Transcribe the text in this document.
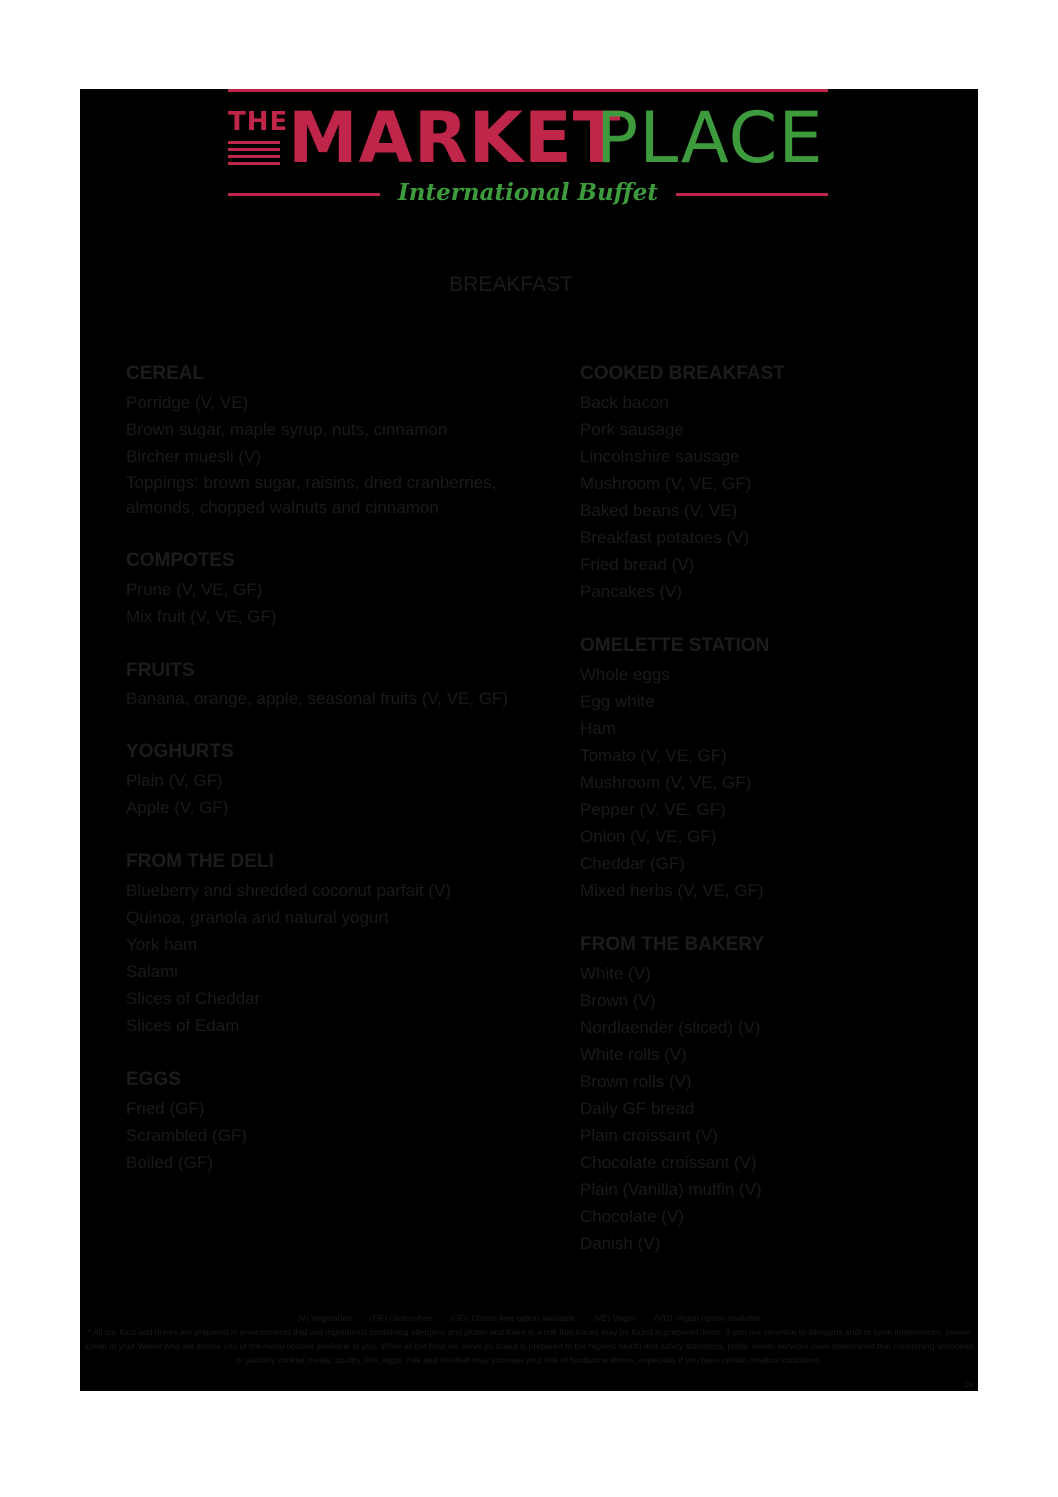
THE MARKET
PLACE
International Buffet
BREAKFAST
CEREAL
Porridge (V, VE)
Brown sugar, maple syrup, nuts, cinnamon
Bircher muesli (V)
Toppings: brown sugar, raisins, dried cranberries, almonds, chopped walnuts and cinnamon
COMPOTES
Prune (V, VE, GF)
Mix fruit (V, VE, GF)
FRUITS
Banana, orange, apple, seasonal fruits (V, VE, GF)
YOGHURTS
Plain (V, GF)
Apple (V, GF)
FROM THE DELI
Blueberry and shredded coconut parfait (V)
Quinoa, granola and natural yogurt
York ham
Salami
Slices of Cheddar
Slices of Edam
EGGS
Fried (GF)
Scrambled (GF)
Boiled (GF)
COOKED BREAKFAST
Back bacon
Pork sausage
Lincolnshire sausage
Mushroom (V, VE, GF)
Baked beans (V, VE)
Breakfast potatoes (V)
Fried bread (V)
Pancakes (V)
OMELETTE STATION
Whole eggs
Egg white
Ham
Tomato (V, VE, GF)
Mushroom (V, VE, GF)
Pepper (V, VE, GF)
Onion (V, VE, GF)
Cheddar (GF)
Mixed herbs (V, VE, GF)
FROM THE BAKERY
White (V)
Brown (V)
Nordlaender (sliced) (V)
White rolls (V)
Brown rolls (V)
Daily GF bread
Plain croissant (V)
Chocolate croissant (V)
Plain (Vanilla) muffin (V)
Chocolate (V)
Danish (V)
(V) Vegetarian (GF) Gluten-free (GO) Gluten-free option available (VE) Vegan (VO) Vegan option available
* All our food and drinks are prepared in environments that use ingredients containing allergens and gluten and there is a risk that traces may be found in prepared items. If you are sensitive to allergens and/ or have intolerances, please speak to your Waiter who will advise you of the menu options available to you. While all the food we serve on board is prepared to the highest health and safety standards, public health services have determined that consuming uncooked or partially cooked meats, poultry, fish, eggs, milk and shellfish may increase your risk of foodborne illness, especially if you have certain medical conditions.
CG
